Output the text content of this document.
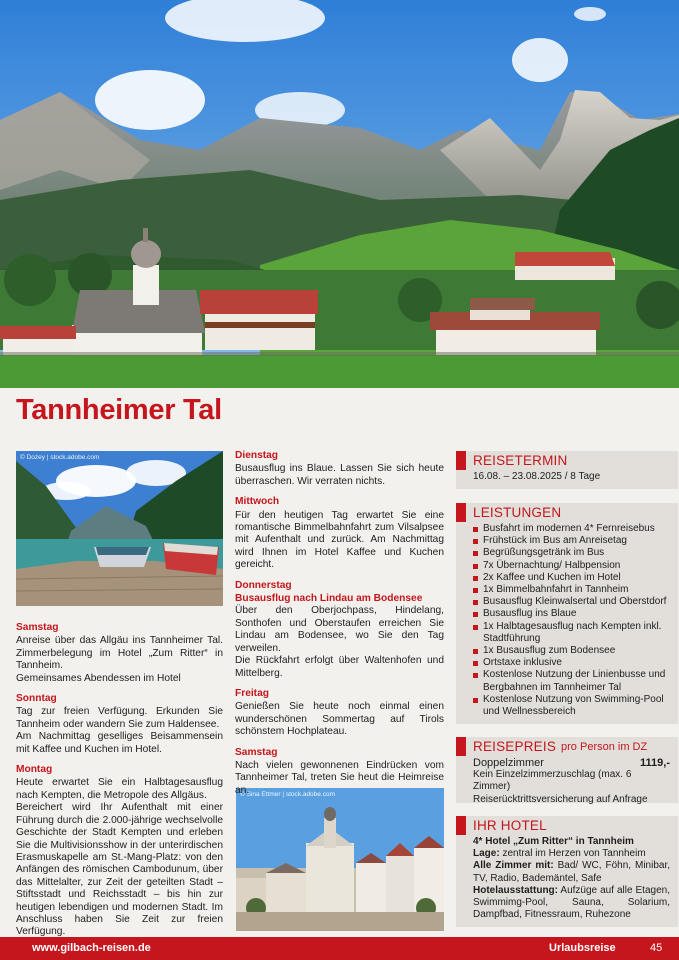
Tannheimer Tal
© Dozey | stock.adobe.com
© Sina Ettmer | stock.adobe.com
Samstag
Anreise über das Allgäu ins Tannheimer Tal. Zimmerbelegung im Hotel „Zum Ritter“ in Tannheim.
Gemeinsames Abendessen im Hotel
Sonntag
Tag zur freien Verfügung. Erkunden Sie Tannheim oder wandern Sie zum Haldensee.
Am Nachmittag geselliges Beisammensein mit Kaffee und Kuchen im Hotel.
Montag
Heute erwartet Sie ein Halbtagesausflug nach Kempten, die Metropole des Allgäus.
Bereichert wird Ihr Aufenthalt mit einer Führung durch die 2.000-jährige wechselvolle Geschichte der Stadt Kempten und erleben Sie die Multivisionsshow in der unterirdischen Erasmuskapelle am St.-Mang-Platz: von den Anfängen des römischen Cambodunum, über das Mittelalter, zur Zeit der geteilten Stadt – Stiftsstadt und Reichsstadt – bis hin zur heutigen lebendigen und modernen Stadt. Im Anschluss haben Sie Zeit zur freien Verfügung.
Dienstag
Busausflug ins Blaue. Lassen Sie sich heute überraschen. Wir verraten nichts.
Mittwoch
Für den heutigen Tag erwartet Sie eine romantische Bimmelbahnfahrt zum Vilsalpsee mit Aufenthalt und zurück. Am Nachmittag wird Ihnen im Hotel Kaffee und Kuchen gereicht.
Donnerstag
Busausflug nach Lindau am Bodensee
Über den Oberjochpass, Hindelang, Sonthofen und Oberstaufen erreichen Sie Lindau am Bodensee, wo Sie den Tag verweilen.
Die Rückfahrt erfolgt über Waltenhofen und Mittelberg.
Freitag
Genießen Sie heute noch einmal einen wunderschönen Sommertag auf Tirols schönstem Hochplateau.
Samstag
Nach vielen gewonnenen Eindrücken vom Tannheimer Tal, treten Sie heut die Heimreise an.
REISETERMIN
16.08. – 23.08.2025 / 8 Tage
LEISTUNGEN
Busfahrt im modernen 4* Fernreisebus
Frühstück im Bus am Anreisetag
Begrüßungsgetränk im Bus
7x Übernachtung/ Halbpension
2x Kaffee und Kuchen im Hotel
1x Bimmelbahnfahrt in Tannheim
Busausflug Kleinwalsertal und Oberstdorf
Busausflug ins Blaue
1x Halbtagesausflug nach Kempten inkl. Stadtführung
1x Busausflug zum Bodensee
Ortstaxe inklusive
Kostenlose Nutzung der Linienbusse und Bergbahnen im Tannheimer Tal
Kostenlose Nutzung von Swimming-Pool und Wellnessbereich
REISEPREIS pro Person im DZ
Doppelzimmer	1119,-
Kein Einzelzimmerzuschlag (max. 6 Zimmer)
Reiserücktrittsversicherung auf Anfrage
IHR HOTEL
4* Hotel „Zum Ritter“ in Tannheim

Lage: zentral im Herzen von Tannheim

Alle Zimmer mit: Bad/ WC, Föhn, Minibar, TV, Radio, Bademäntel, Safe

Hotelausstattung: Aufzüge auf alle Etagen, Swimmimg-Pool, Sauna, Solarium, Dampfbad, Fitnessraum, Ruhezone

www.gilbach-reisen.de	Urlaubsreise	45
